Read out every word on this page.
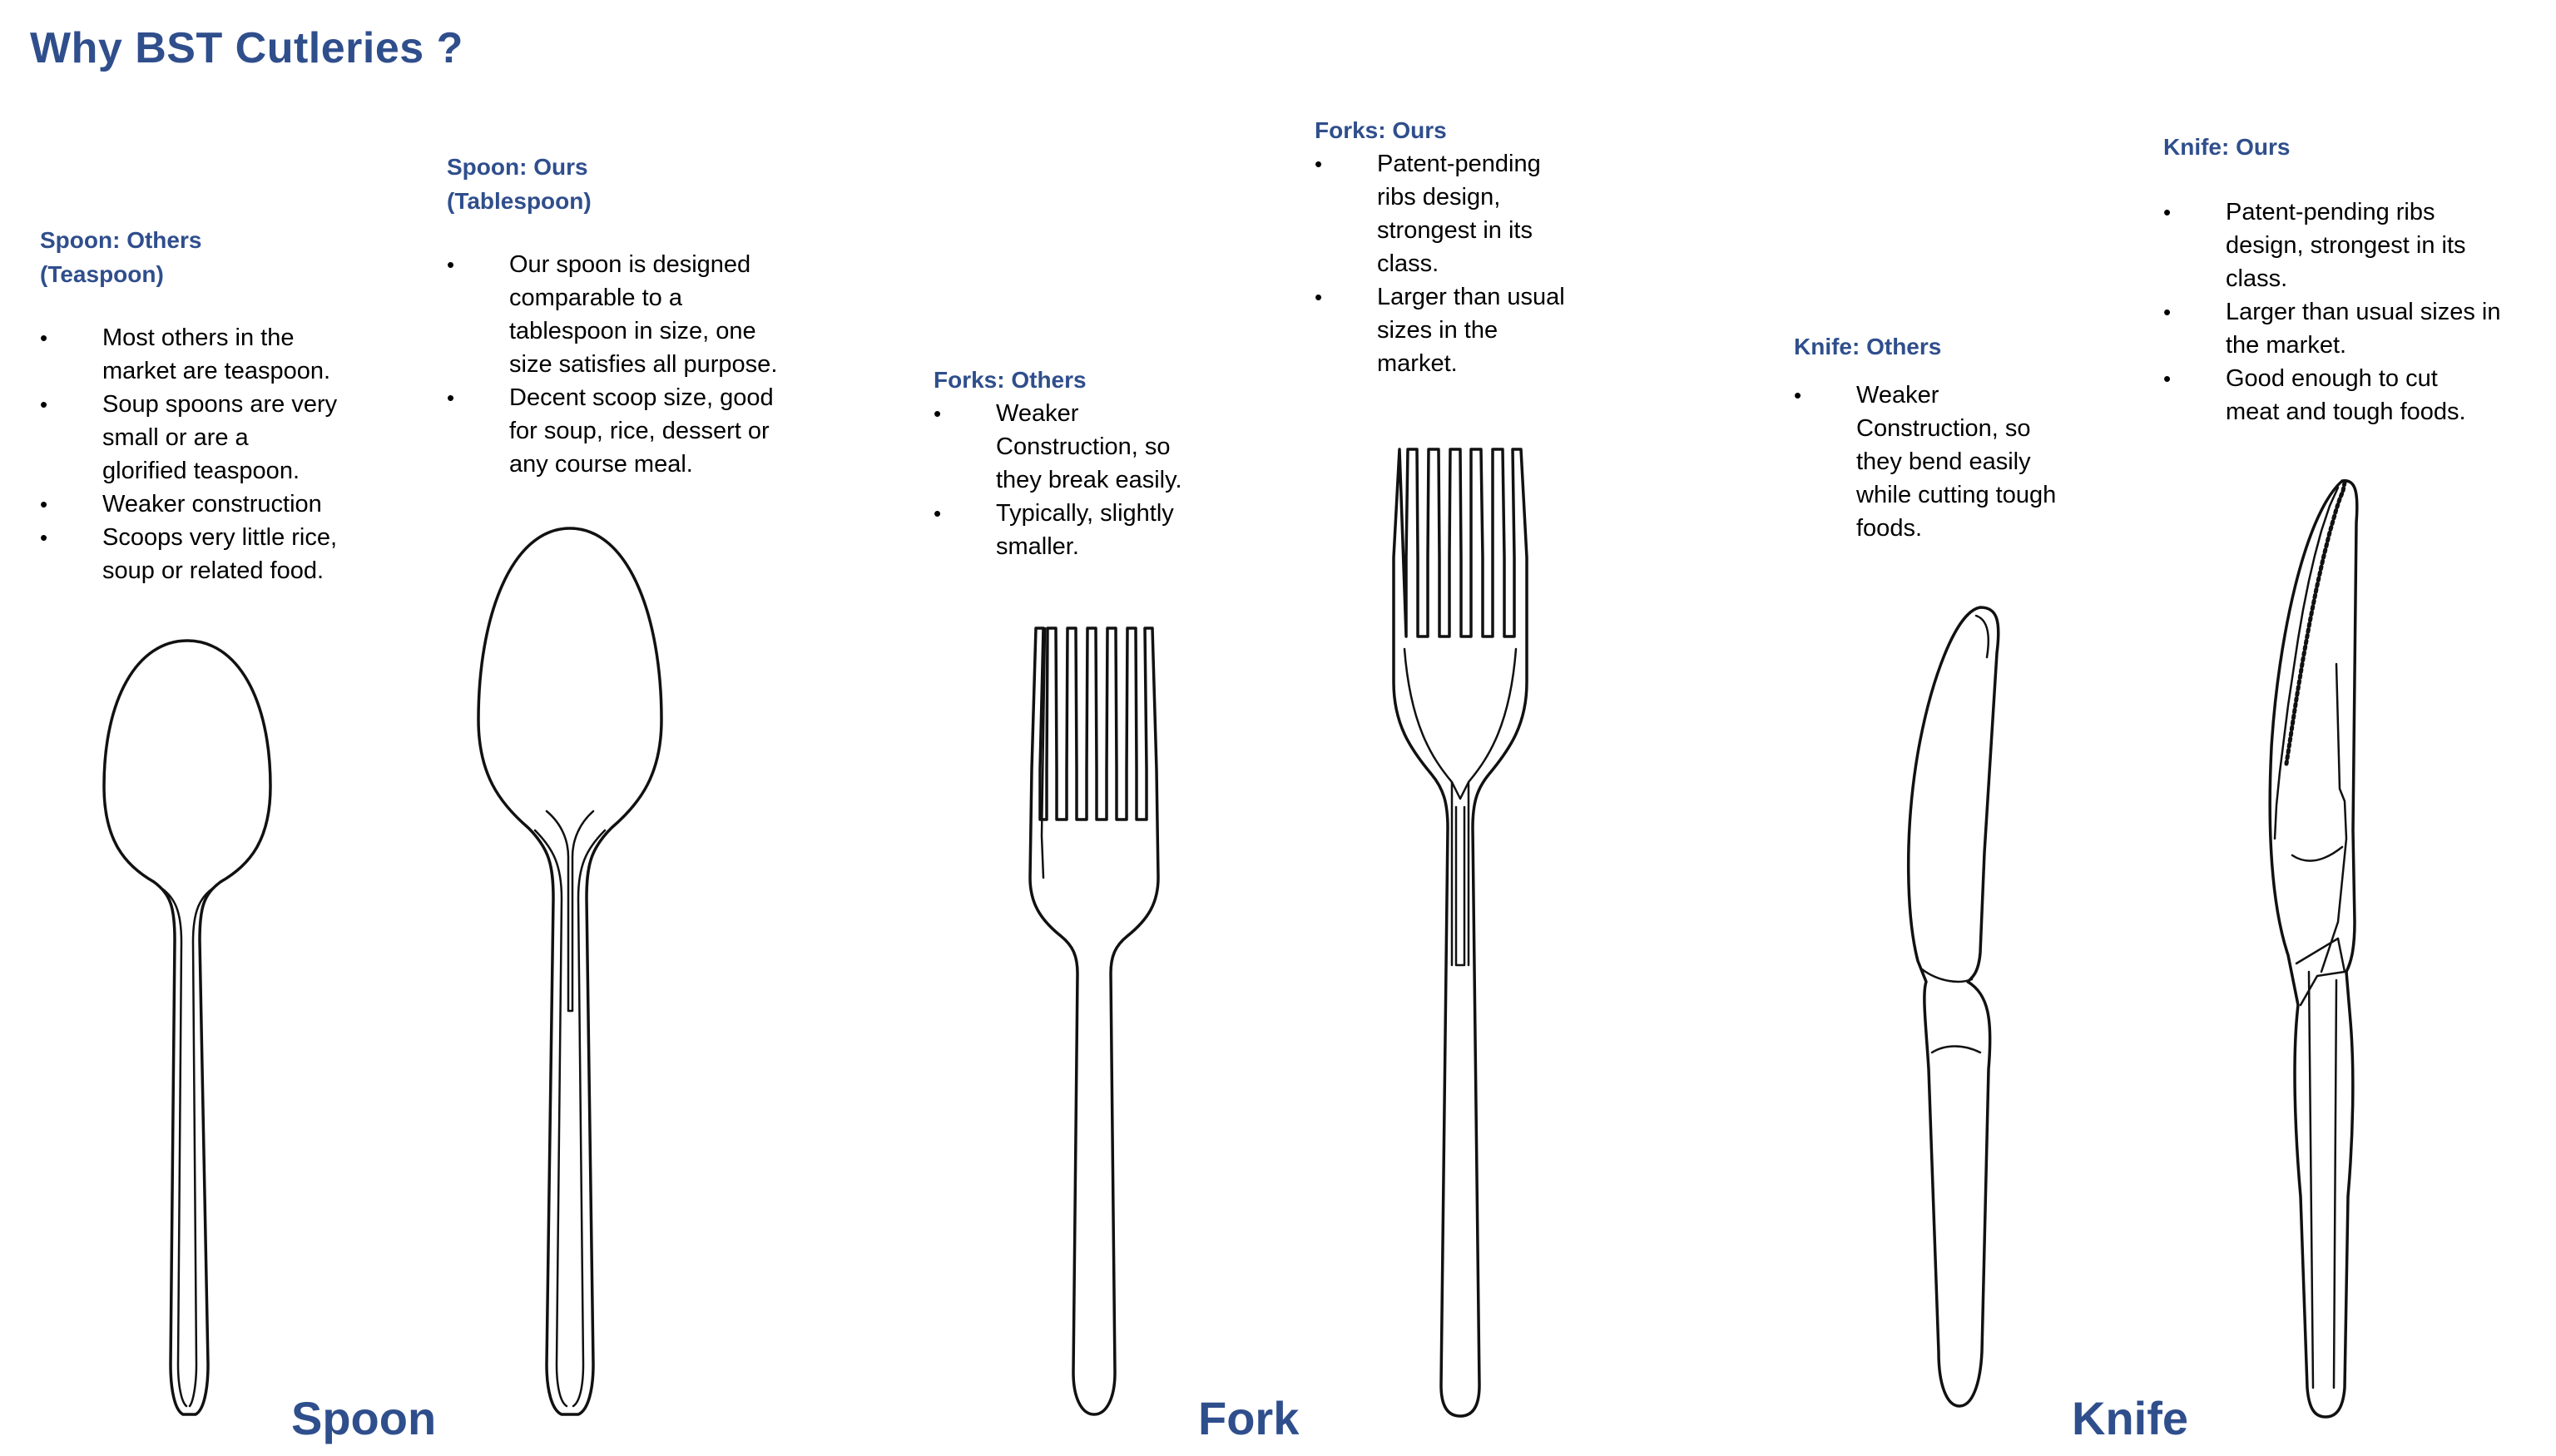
Why BST Cutleries ?
Spoon: Others
(Teaspoon)
• Most others in the
market are teaspoon.
• Soup spoons are very
small or are a
glorified teaspoon.
• Weaker construction
• Scoops very little rice,
soup or related food.
Spoon: Ours
(Tablespoon)
• Our spoon is designed
comparable to a
tablespoon in size, one
size satisfies all purpose.
• Decent scoop size, good
for soup, rice, dessert or
any course meal.
Forks: Others
• Weaker
Construction, so
they break easily.
• Typically, slightly
smaller.
Forks: Ours
• Patent-pending
ribs design,
strongest in its
class.
• Larger than usual
sizes in the
market.
Knife: Others
• Weaker
Construction, so
they bend easily
while cutting tough
foods.
Knife: Ours
• Patent-pending ribs
design, strongest in its
class.
• Larger than usual sizes in
the market.
• Good enough to cut
meat and tough foods.
Spoon	Fork	Knife
